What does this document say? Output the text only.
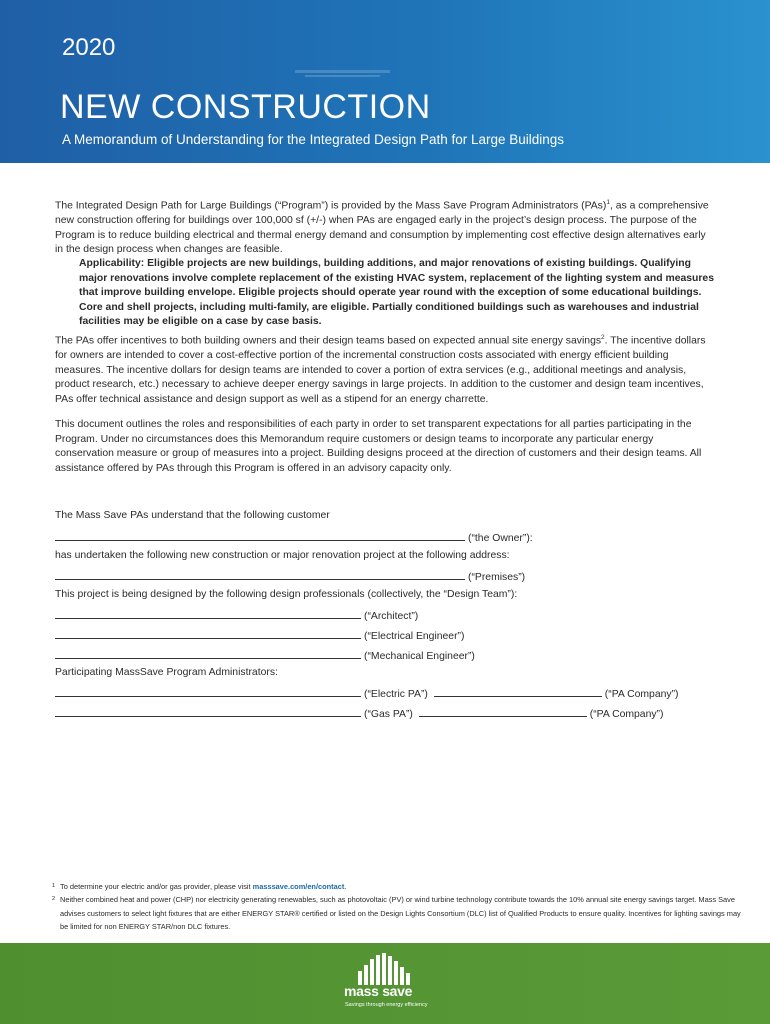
2020
NEW CONSTRUCTION
A Memorandum of Understanding for the Integrated Design Path for Large Buildings

The Integrated Design Path for Large Buildings (“Program”) is provided by the Mass Save Program Administrators (PAs)$^1$, as a comprehensive new construction offering for buildings over 100,000 sf (+/-) when PAs are engaged early in the project’s design process. The purpose of the Program is to reduce building electrical and thermal energy demand and consumption by implementing cost effective design alternatives early in the design process when changes are feasible.

Applicability: Eligible projects are new buildings, building additions, and major renovations of existing buildings. Qualifying major renovations involve complete replacement of the existing HVAC system, replacement of the lighting system and measures that improve building envelope. Eligible projects should operate year round with the exception of some educational buildings. Core and shell projects, including multi-family, are eligible. Partially conditioned buildings such as warehouses and industrial facilities may be eligible on a case by case basis.

The PAs offer incentives to both building owners and their design teams based on expected annual site energy savings$^2$. The incentive dollars for owners are intended to cover a cost-effective portion of the incremental construction costs associated with energy efficient building measures. The incentive dollars for design teams are intended to cover a portion of extra services (e.g., additional meetings and analysis, product research, etc.) necessary to achieve deeper energy savings in large projects. In addition to the customer and design team incentives, PAs offer technical assistance and design support as well as a stipend for an energy charrette.

This document outlines the roles and responsibilities of each party in order to set transparent expectations for all parties participating in the Program. Under no circumstances does this Memorandum require customers or design teams to incorporate any particular energy conservation measure or group of measures into a project. Building designs proceed at the direction of customers and their design teams. All assistance offered by PAs through this Program is offered in an advisory capacity only.

The Mass Save PAs understand that the following customer
(“the Owner”):
has undertaken the following new construction or major renovation project at the following address:
(“Premises”)
This project is being designed by the following design professionals (collectively, the “Design Team”):
(“Architect”)
(“Electrical Engineer”)
(“Mechanical Engineer”)
Participating MassSave Program Administrators:
(“Electric PA”)	(“PA Company”)
(“Gas PA”)	(“PA Company”)
1 To determine your electric and/or gas provider, please visit masssave.com/en/contact.
2 Neither combined heat and power (CHP) nor electricity generating renewables, such as photovoltaic (PV) or wind turbine technology contribute towards the 10% annual site energy savings target. Mass Save advises customers to select light fixtures that are either ENERGY STAR® certified or listed on the Design Lights Consortium (DLC) list of Qualified Products to ensure quality. Incentives for lighting savings may be limited for non ENERGY STAR/non DLC fixtures.
mass save
Savings through energy efficiency
